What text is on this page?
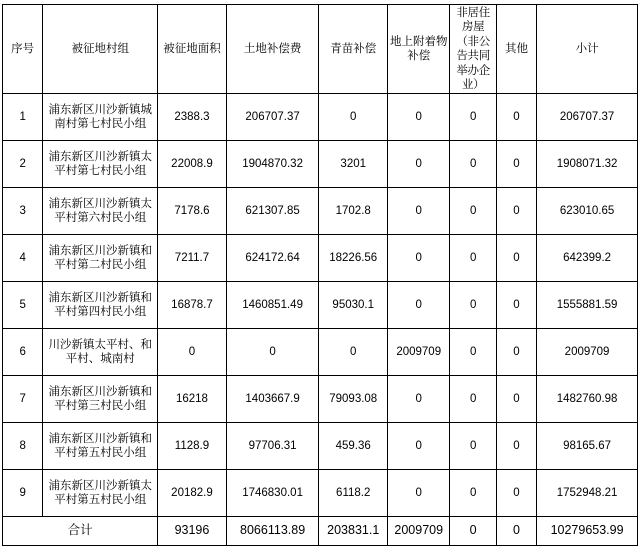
序号	被征地村组	被征地面积	土地补偿费	青苗补偿	地上附着物补偿	非居住房屋（非公告共同举办企业）	其他	小计
1	浦东新区川沙新镇城南村第七村民小组	2388.3	206707.37	0	0	0	0	206707.37
2	浦东新区川沙新镇太平村第七村民小组	22008.9	1904870.32	3201	0	0	0	1908071.32
3	浦东新区川沙新镇太平村第六村民小组	7178.6	621307.85	1702.8	0	0	0	623010.65
4	浦东新区川沙新镇和平村第二村民小组	7211.7	624172.64	18226.56	0	0	0	642399.2
5	浦东新区川沙新镇和平村第四村民小组	16878.7	1460851.49	95030.1	0	0	0	1555881.59
6	川沙新镇太平村、和平村、城南村	0	0	0	2009709	0	0	2009709
7	浦东新区川沙新镇和平村第三村民小组	16218	1403667.9	79093.08	0	0	0	1482760.98
8	浦东新区川沙新镇和平村第五村民小组	1128.9	97706.31	459.36	0	0	0	98165.67
9	浦东新区川沙新镇太平村第五村民小组	20182.9	1746830.01	6118.2	0	0	0	1752948.21
合计		93196	8066113.89	203831.1	2009709	0	0	10279653.99
